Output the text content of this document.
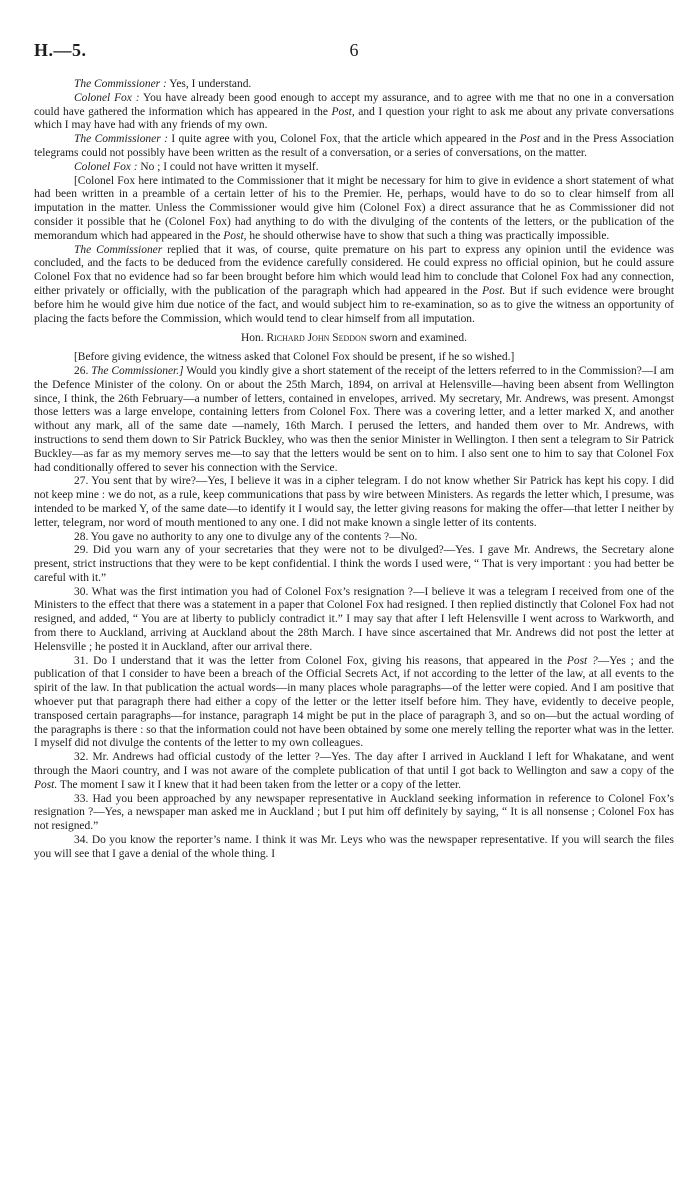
6
H.—5.

The Commissioner : Yes, I understand.

Colonel Fox : You have already been good enough to accept my assurance, and to agree with me that no one in a conversation could have gathered the information which has appeared in the Post, and I question your right to ask me about any private conversations which I may have had with any friends of my own.

The Commissioner : I quite agree with you, Colonel Fox, that the article which appeared in the Post and in the Press Association telegrams could not possibly have been written as the result of a conversation, or a series of conversations, on the matter.

Colonel Fox : No ; I could not have written it myself.

[Colonel Fox here intimated to the Commissioner that it might be necessary for him to give in evidence a short statement of what had been written in a preamble of a certain letter of his to the Premier. He, perhaps, would have to do so to clear himself from all imputation in the matter. Unless the Commissioner would give him (Colonel Fox) a direct assurance that he as Commissioner did not consider it possible that he (Colonel Fox) had anything to do with the divulging of the contents of the letters, or the publication of the memorandum which had appeared in the Post, he should otherwise have to show that such a thing was practically impossible.

The Commissioner replied that it was, of course, quite premature on his part to express any opinion until the evidence was concluded, and the facts to be deduced from the evidence carefully considered. He could express no official opinion, but he could assure Colonel Fox that no evidence had so far been brought before him which would lead him to conclude that Colonel Fox had any connection, either privately or officially, with the publication of the paragraph which had appeared in the Post. But if such evidence were brought before him he would give him due notice of the fact, and would subject him to re-examination, so as to give the witness an opportunity of placing the facts before the Commission, which would tend to clear himself from all imputation.

Hon. Richard John Seddon sworn and examined.

[Before giving evidence, the witness asked that Colonel Fox should be present, if he so wished.]

26. The Commissioner.] Would you kindly give a short statement of the receipt of the letters referred to in the Commission?—I am the Defence Minister of the colony. On or about the 25th March, 1894, on arrival at Helensville—having been absent from Wellington since, I think, the 26th February—a number of letters, contained in envelopes, arrived. My secretary, Mr. Andrews, was present. Amongst those letters was a large envelope, containing letters from Colonel Fox. There was a covering letter, and a letter marked X, and another without any mark, all of the same date —namely, 16th March. I perused the letters, and handed them over to Mr. Andrews, with instructions to send them down to Sir Patrick Buckley, who was then the senior Minister in Wellington. I then sent a telegram to Sir Patrick Buckley—as far as my memory serves me—to say that the letters would be sent on to him. I also sent one to him to say that Colonel Fox had conditionally offered to sever his connection with the Service.

27. You sent that by wire?—Yes, I believe it was in a cipher telegram. I do not know whether Sir Patrick has kept his copy. I did not keep mine : we do not, as a rule, keep communications that pass by wire between Ministers. As regards the letter which, I presume, was intended to be marked Y, of the same date—to identify it I would say, the letter giving reasons for making the offer—that letter I neither by letter, telegram, nor word of mouth mentioned to any one. I did not make known a single letter of its contents.

28. You gave no authority to any one to divulge any of the contents ?—No.

29. Did you warn any of your secretaries that they were not to be divulged?—Yes. I gave Mr. Andrews, the Secretary alone present, strict instructions that they were to be kept confidential. I think the words I used were, “ That is very important : you had better be careful with it.”

30. What was the first intimation you had of Colonel Fox’s resignation ?—I believe it was a telegram I received from one of the Ministers to the effect that there was a statement in a paper that Colonel Fox had resigned. I then replied distinctly that Colonel Fox had not resigned, and added, “ You are at liberty to publicly contradict it.” I may say that after I left Helensville I went across to Warkworth, and from there to Auckland, arriving at Auckland about the 28th March. I have since ascertained that Mr. Andrews did not post the letter at Helensville ; he posted it in Auckland, after our arrival there.

31. Do I understand that it was the letter from Colonel Fox, giving his reasons, that appeared in the Post ?—Yes ; and the publication of that I consider to have been a breach of the Official Secrets Act, if not according to the letter of the law, at all events to the spirit of the law. In that publication the actual words—in many places whole paragraphs—of the letter were copied. And I am positive that whoever put that paragraph there had either a copy of the letter or the letter itself before him. They have, evidently to deceive people, transposed certain paragraphs—for instance, paragraph 14 might be put in the place of paragraph 3, and so on—but the actual wording of the paragraphs is there : so that the information could not have been obtained by some one merely telling the reporter what was in the letter. I myself did not divulge the contents of the letter to my own colleagues.

32. Mr. Andrews had official custody of the letter ?—Yes. The day after I arrived in Auckland I left for Whakatane, and went through the Maori country, and I was not aware of the complete publication of that until I got back to Wellington and saw a copy of the Post. The moment I saw it I knew that it had been taken from the letter or a copy of the letter.

33. Had you been approached by any newspaper representative in Auckland seeking information in reference to Colonel Fox’s resignation ?—Yes, a newspaper man asked me in Auckland ; but I put him off definitely by saying, “ It is all nonsense ; Colonel Fox has not resigned.”

34. Do you know the reporter’s name. I think it was Mr. Leys who was the newspaper representative. If you will search the files you will see that I gave a denial of the whole thing. I
